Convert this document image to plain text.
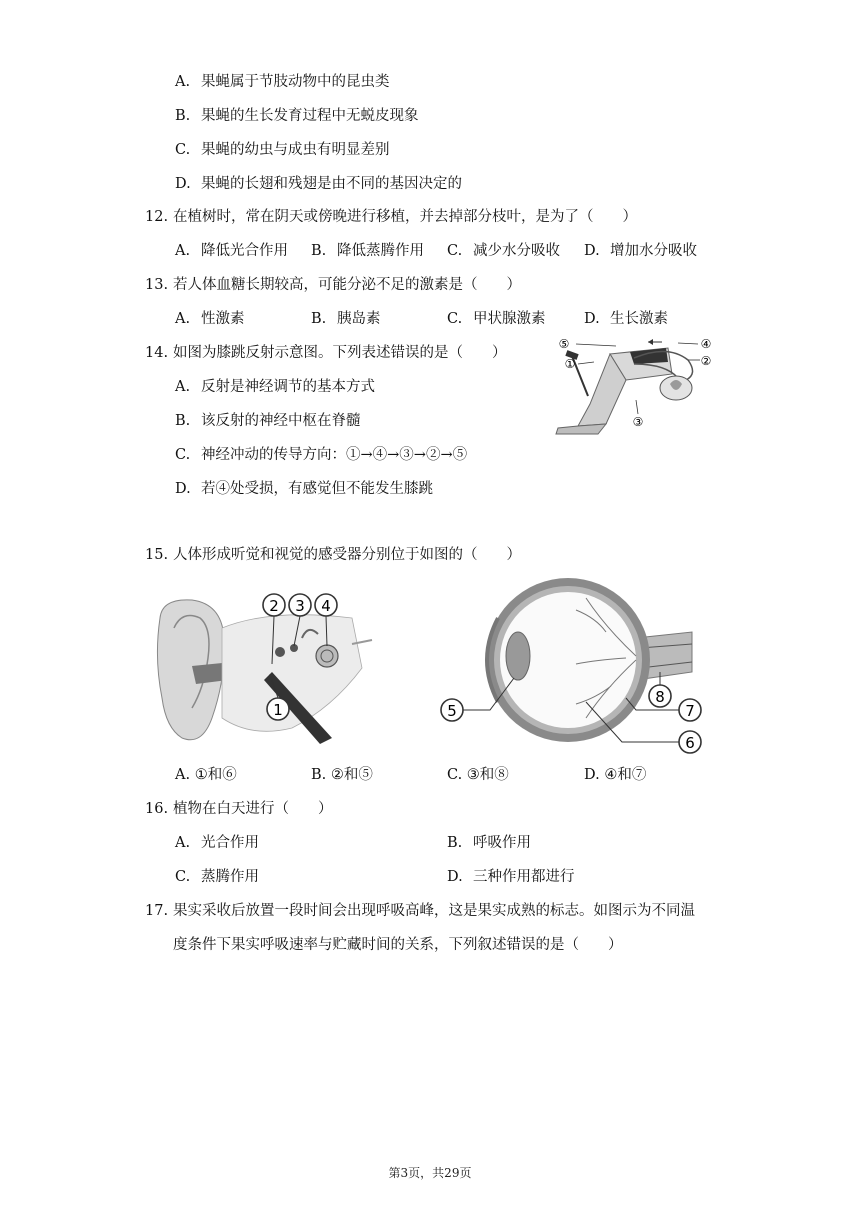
A. 果蝇属于节肢动物中的昆虫类
B. 果蝇的生长发育过程中无蜕皮现象
C. 果蝇的幼虫与成虫有明显差别
D. 果蝇的长翅和残翅是由不同的基因决定的
12. 在植树时，常在阴天或傍晚进行移植，并去掉部分枝叶，是为了（　　）
A. 降低光合作用 B. 降低蒸腾作用 C. 减少水分吸收 D. 增加水分吸收
13. 若人体血糖长期较高，可能分泌不足的激素是（　　）
A. 性激素	B. 胰岛素	C. 甲状腺激素	D. 生长激素
14. 如图为膝跳反射示意图。下列表述错误的是（　　）
A. 反射是神经调节的基本方式
B. 该反射的神经中枢在脊髓
C. 神经冲动的传导方向：①→④→③→②→⑤
D. 若④处受损，有感觉但不能发生膝跳
⑤	④
①	②
③
15. 人体形成听觉和视觉的感受器分别位于如图的（　　）
2 3 4
1	5
8
7
6
A. ①和⑥	B. ②和⑤	C. ③和⑧	D. ④和⑦
16. 植物在白天进行（　　）
A. 光合作用	B. 呼吸作用
C. 蒸腾作用	D. 三种作用都进行
17. 果实采收后放置一段时间会出现呼吸高峰，这是果实成熟的标志。如图示为不同温
度条件下果实呼吸速率与贮藏时间的关系，下列叙述错误的是（　　）
第3页，共29页
